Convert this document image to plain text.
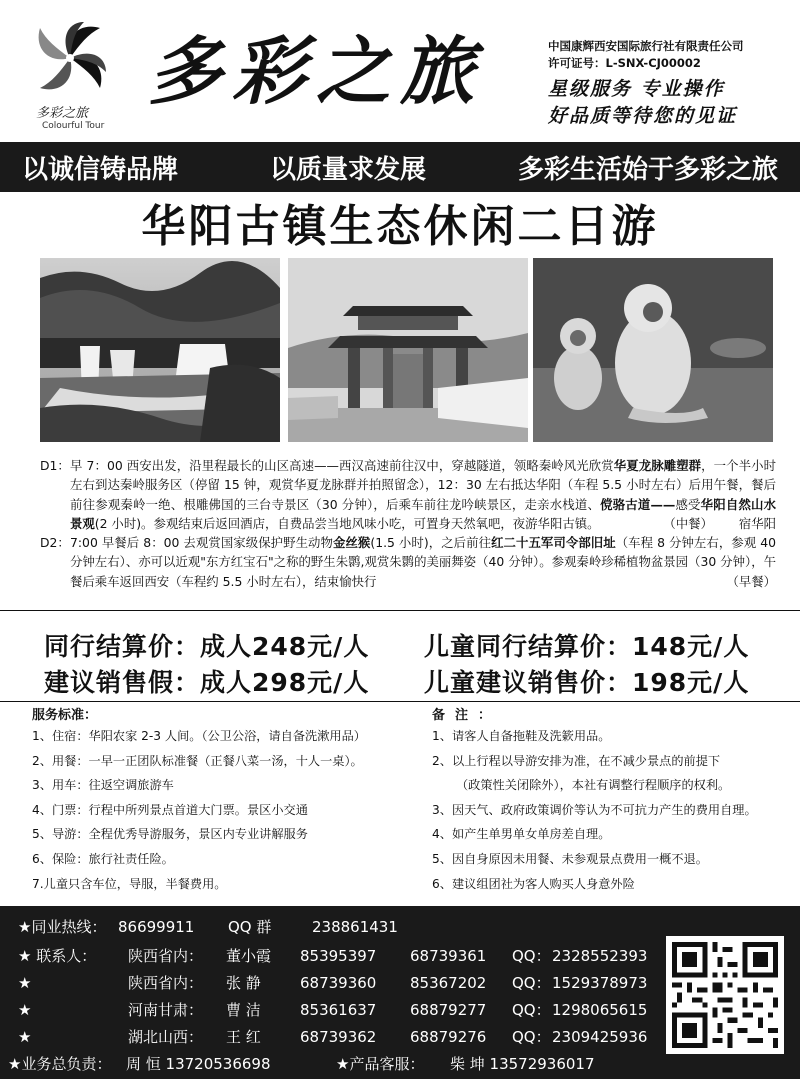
多彩之旅
Colourful Tour
多彩之旅	中国康辉西安国际旅行社有限责任公司
许可证号：L-SNX-CJ00002
星级服务 专业操作
好品质等待您的见证
以诚信铸品牌	以质量求发展	多彩生活始于多彩之旅
华阳古镇生态休闲二日游
D1： 早 7：00 西安出发，沿里程最长的山区高速——西汉高速前往汉中，穿越隧道，领略秦岭风光欣赏华夏龙脉雕塑群，一个半小时左右到达秦岭服务区（停留 15 钟，观赏华夏龙脉群并拍照留念），12：30 左右抵达华阳（车程 5.5 小时左右）后用午餐，餐后前往参观秦岭一绝、根雕佛国的三台寺景区（30 分钟），后乘车前往龙吟峡景区，走亲水栈道、傥骆古道——感受华阳自然山水景观(2 小时)。参观结束后返回酒店，自费品尝当地风味小吃，可置身天然氧吧，夜游华阳古镇。	（中餐） 宿华阳
D2： 7:00 早餐后 8：00 去观赏国家级保护野生动物金丝猴(1.5 小时)，之后前往红二十五军司令部旧址（车程 8 分钟左右，参观 40 分钟左右）、亦可以近观"东方红宝石"之称的野生朱鹮,观赏朱鹮的美丽舞姿（40 分钟）。参观秦岭珍稀植物盆景园（30 分钟），午餐后乘车返回西安（车程约 5.5 小时左右），结束愉快行	（早餐）
同行结算价：成人248元/人 儿童同行结算价：148元/人
建议销售假：成人298元/人 儿童建议销售价：198元/人
服务标准：	备注：
1、住宿：华阳农家 2-3 人间。（公卫公浴，请自备洗漱用品）
2、用餐：一早一正团队标准餐（正餐八菜一汤，十人一桌）。
3、用车：往返空调旅游车
4、门票：行程中所列景点首道大门票。景区小交通
5、导游：全程优秀导游服务，景区内专业讲解服务
6、保险：旅行社责任险。
7.儿童只含车位，导服，半餐费用。
1、请客人自备拖鞋及洗簌用品。
2、以上行程以导游安排为准，在不减少景点的前提下
（政策性关闭除外），本社有调整行程顺序的权利。
3、因天气、政府政策调价等认为不可抗力产生的费用自理。
4、如产生单男单女单房差自理。
5、因自身原因未用餐、未参观景点费用一概不退。
6、建议组团社为客人购买人身意外险
★同业热线： 86699911 QQ 群	238861431
★ 联系人： 陕西省内： 董小霞 85395397 68739361 QQ： 2328552393
★	陕西省内： 张 静	68739360 85367202 QQ： 1529378973
★	河南甘肃： 曹 洁	85361637 68879277 QQ： 1298065615
★	湖北山西： 王 红	68739362 68879276 QQ： 2309425936
★业务总负责： 周 恒 13720536698	★产品客服： 柴 坤 13572936017
